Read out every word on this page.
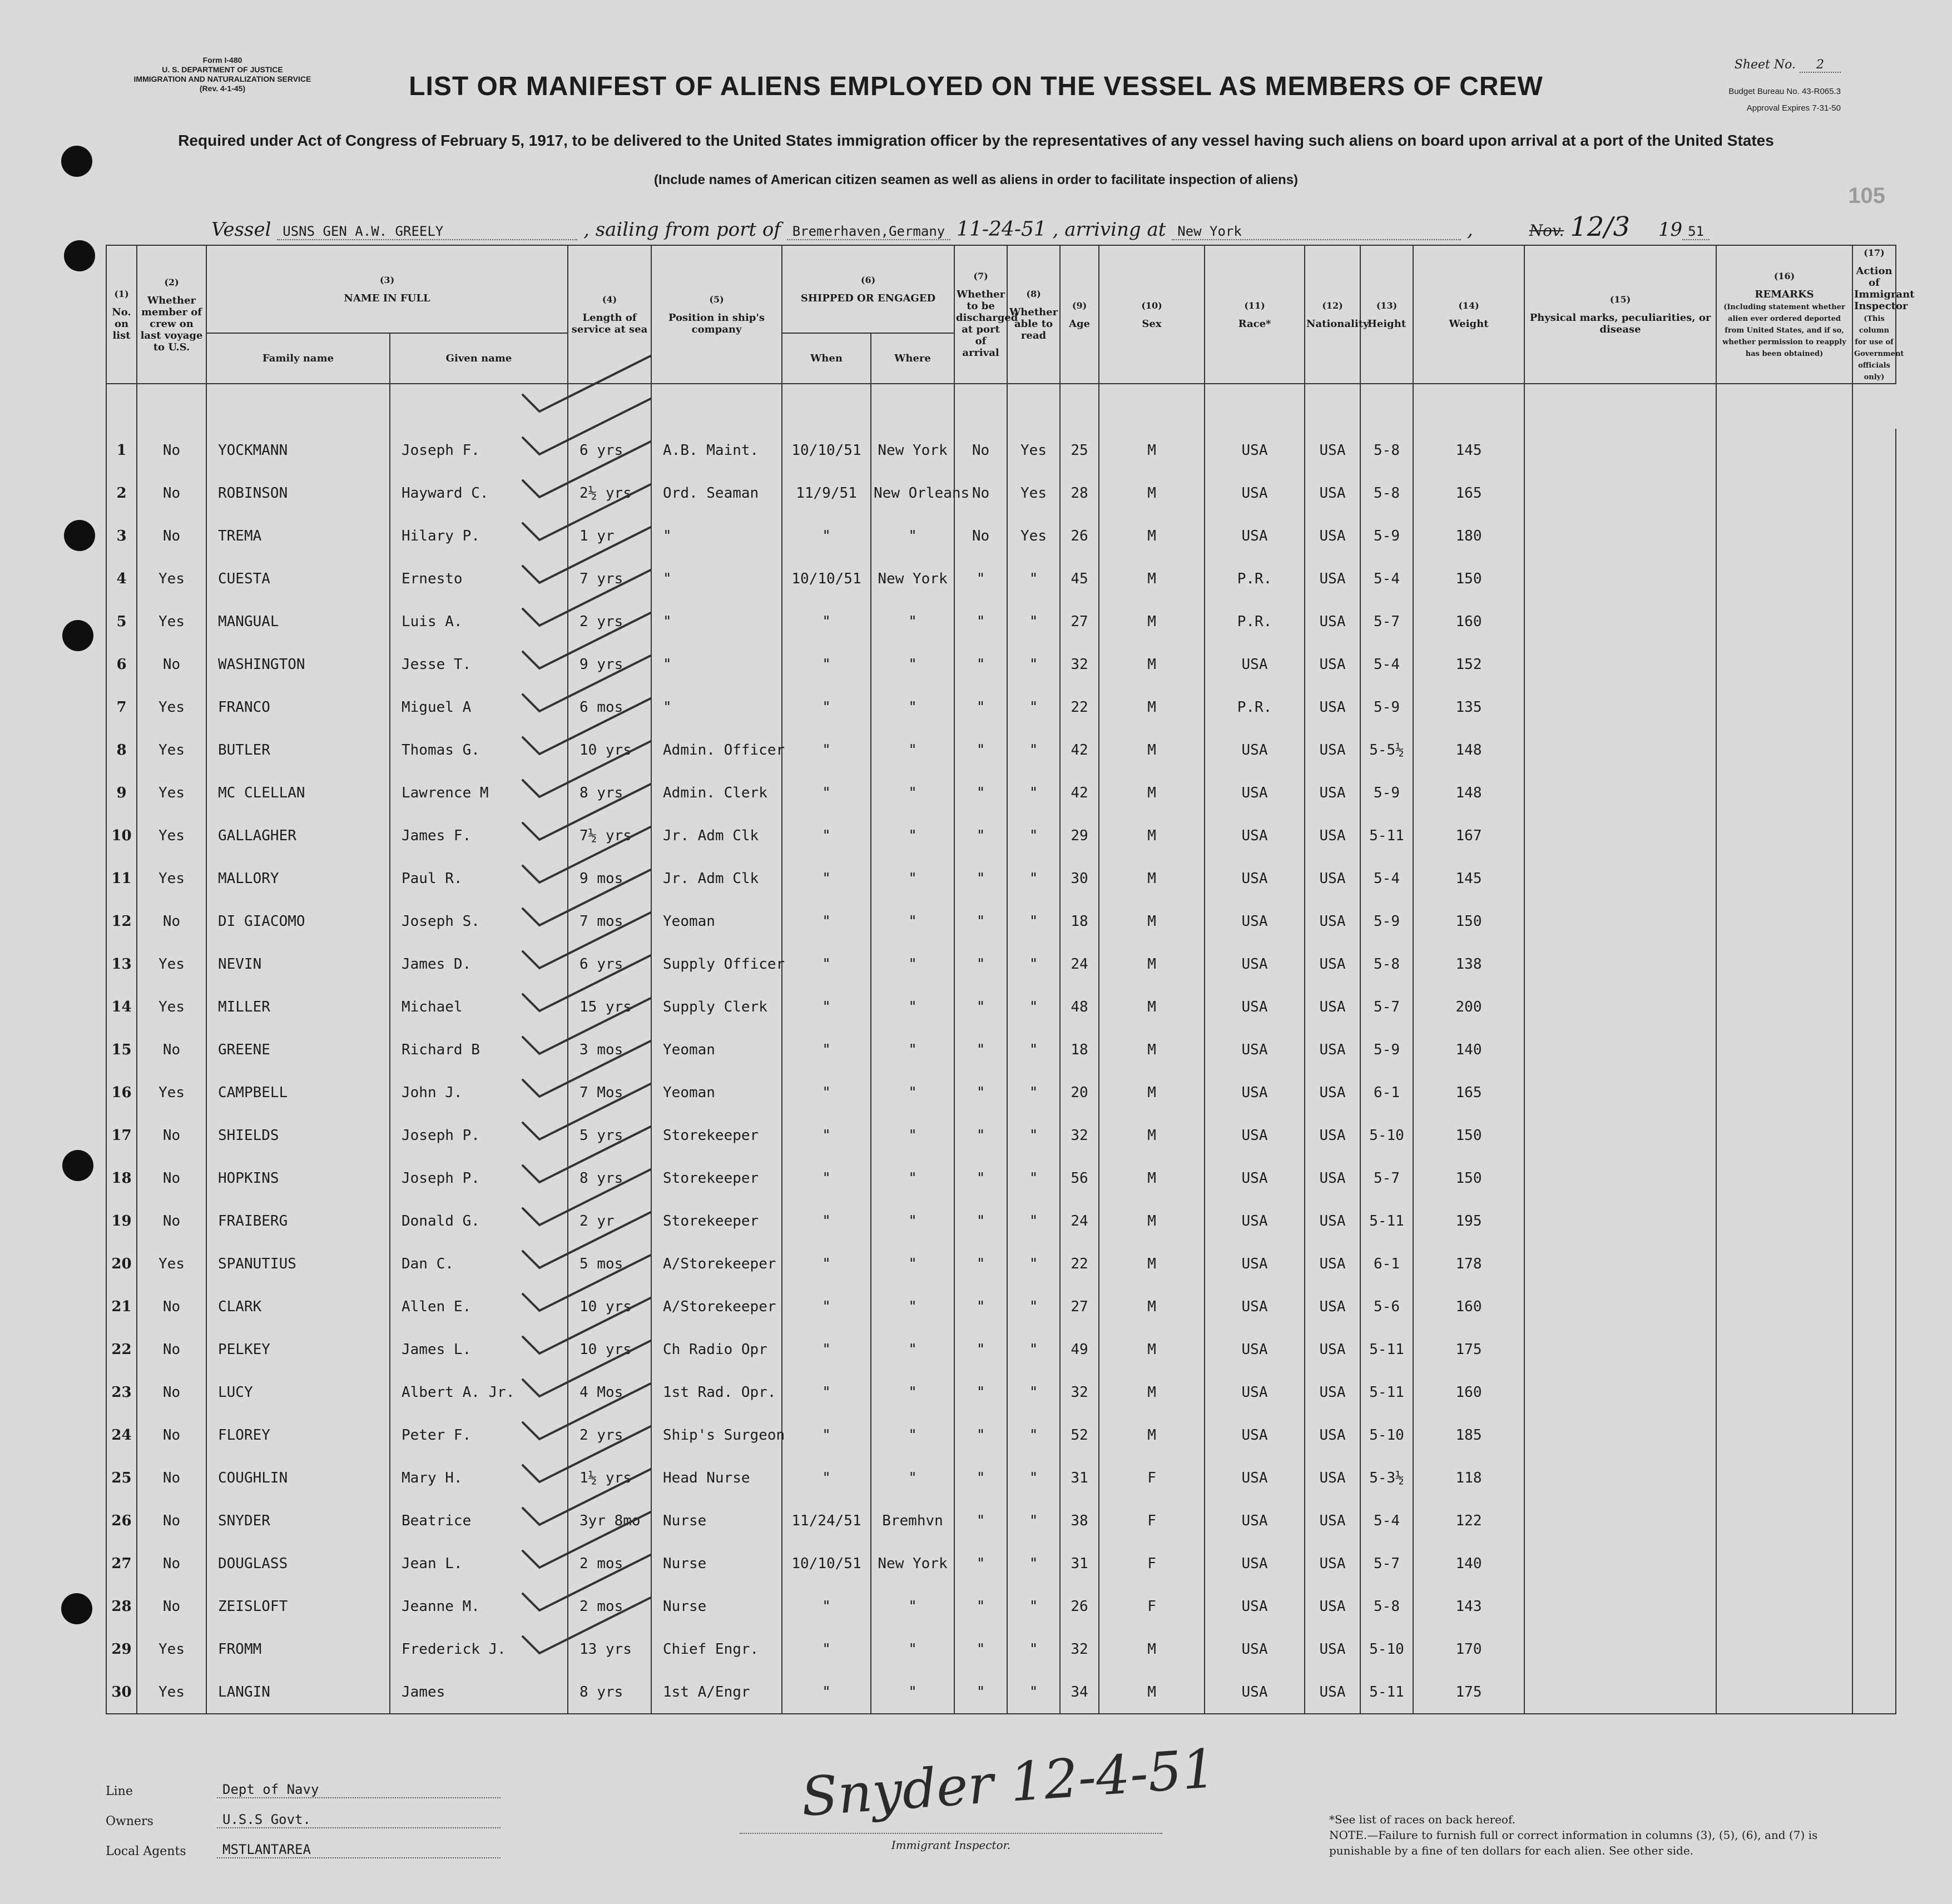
Form I-480
U. S. DEPARTMENT OF JUSTICE
IMMIGRATION AND NATURALIZATION SERVICE
(Rev. 4-1-45)	LIST OR MANIFEST OF ALIENS EMPLOYED ON THE VESSEL AS MEMBERS OF CREW
Required under Act of Congress of February 5, 1917, to be delivered to the United States immigration officer by the representatives of any vessel having such aliens on board upon arrival at a port of the United States
(Include names of American citizen seamen as well as aliens in order to facilitate inspection of aliens)
Sheet No. 2
Budget Bureau No. 43-R065.3
Approval Expires 7-31-50
105
Vessel USNS GEN A.W. GREELY	, sailing from port of Bremerhaven,Germany 11-24-51 , arriving at New York	,	Nov. 12/3 19 51
(1)
No. on list	(2)
Whether member of crew on last voyage to U.S.	(3)
NAME IN FULL		(4)
Length of service at sea	(5)
Position in ship's company	(6)
SHIPPED OR ENGAGED		(7)
Whether to be discharged at port of arrival	(8)
Whether able to read	(9)
Age	(10)
Sex	(11)
Race*	(12)
Nationality	(13)
Height	(14)
Weight	(15)
Physical marks, peculiarities, or disease	(16)
REMARKS
(Including statement whether alien ever ordered deported from United States, and if so, whether permission to reapply has been obtained)	(17)
Action of Immigrant Inspector
(This column for use of Government officials only)
		Family name	Given name			When	Where											

1	No	YOCKMANN	Joseph F.	6 yrs	A.B. Maint.	10/10/51	New York	No	Yes	25	M	USA	USA	5-8	145			
2	No	ROBINSON	Hayward C.	2½ yrs	Ord. Seaman	11/9/51	New Orleans	No	Yes	28	M	USA	USA	5-8	165			
3	No	TREMA	Hilary P.	1 yr	"	"	"	No	Yes	26	M	USA	USA	5-9	180			
4	Yes	CUESTA	Ernesto	7 yrs	"	10/10/51	New York	"	"	45	M	P.R.	USA	5-4	150			
5	Yes	MANGUAL	Luis A.	2 yrs	"	"	"	"	"	27	M	P.R.	USA	5-7	160			
6	No	WASHINGTON	Jesse T.	9 yrs	"	"	"	"	"	32	M	USA	USA	5-4	152			
7	Yes	FRANCO	Miguel A	6 mos	"	"	"	"	"	22	M	P.R.	USA	5-9	135			
8	Yes	BUTLER	Thomas G.	10 yrs	Admin. Officer	"	"	"	"	42	M	USA	USA	5-5½	148			
9	Yes	MC CLELLAN	Lawrence M	8 yrs	Admin. Clerk	"	"	"	"	42	M	USA	USA	5-9	148			
10	Yes	GALLAGHER	James F.	7½ yrs	Jr. Adm Clk	"	"	"	"	29	M	USA	USA	5-11	167			
11	Yes	MALLORY	Paul R.	9 mos	Jr. Adm Clk	"	"	"	"	30	M	USA	USA	5-4	145			
12	No	DI GIACOMO	Joseph S.	7 mos	Yeoman	"	"	"	"	18	M	USA	USA	5-9	150			
13	Yes	NEVIN	James D.	6 yrs	Supply Officer	"	"	"	"	24	M	USA	USA	5-8	138			
14	Yes	MILLER	Michael	15 yrs	Supply Clerk	"	"	"	"	48	M	USA	USA	5-7	200			
15	No	GREENE	Richard B	3 mos	Yeoman	"	"	"	"	18	M	USA	USA	5-9	140			
16	Yes	CAMPBELL	John J.	7 Mos	Yeoman	"	"	"	"	20	M	USA	USA	6-1	165			
17	No	SHIELDS	Joseph P.	5 yrs	Storekeeper	"	"	"	"	32	M	USA	USA	5-10	150			
18	No	HOPKINS	Joseph P.	8 yrs	Storekeeper	"	"	"	"	56	M	USA	USA	5-7	150			
19	No	FRAIBERG	Donald G.	2 yr	Storekeeper	"	"	"	"	24	M	USA	USA	5-11	195			
20	Yes	SPANUTIUS	Dan C.	5 mos	A/Storekeeper	"	"	"	"	22	M	USA	USA	6-1	178			
21	No	CLARK	Allen E.	10 yrs	A/Storekeeper	"	"	"	"	27	M	USA	USA	5-6	160			
22	No	PELKEY	James L.	10 yrs	Ch Radio Opr	"	"	"	"	49	M	USA	USA	5-11	175			
23	No	LUCY	Albert A. Jr.	4 Mos	1st Rad. Opr.	"	"	"	"	32	M	USA	USA	5-11	160			
24	No	FLOREY	Peter F.	2 yrs	Ship's Surgeon	"	"	"	"	52	M	USA	USA	5-10	185			
25	No	COUGHLIN	Mary H.	1½ yrs	Head Nurse	"	"	"	"	31	F	USA	USA	5-3½	118			
26	No	SNYDER	Beatrice	3yr 8mo	Nurse	11/24/51	Bremhvn	"	"	38	F	USA	USA	5-4	122			
27	No	DOUGLASS	Jean L.	2 mos	Nurse	10/10/51	New York	"	"	31	F	USA	USA	5-7	140			
28	No	ZEISLOFT	Jeanne M.	2 mos	Nurse	"	"	"	"	26	F	USA	USA	5-8	143			
29	Yes	FROMM	Frederick J.	13 yrs	Chief Engr.	"	"	"	"	32	M	USA	USA	5-10	170			
30	Yes	LANGIN	James	8 yrs	1st A/Engr	"	"	"	"	34	M	USA	USA	5-11	175			
Line	Dept of Navy
Owners	U.S.S Govt.
Local Agents	MSTLANTAREA
Snyder 12-4-51
Immigrant Inspector.
*See list of races on back hereof.
NOTE.—Failure to furnish full or correct information in columns (3), (5), (6), and (7) is punishable by a fine of ten dollars for each alien. See other side.
